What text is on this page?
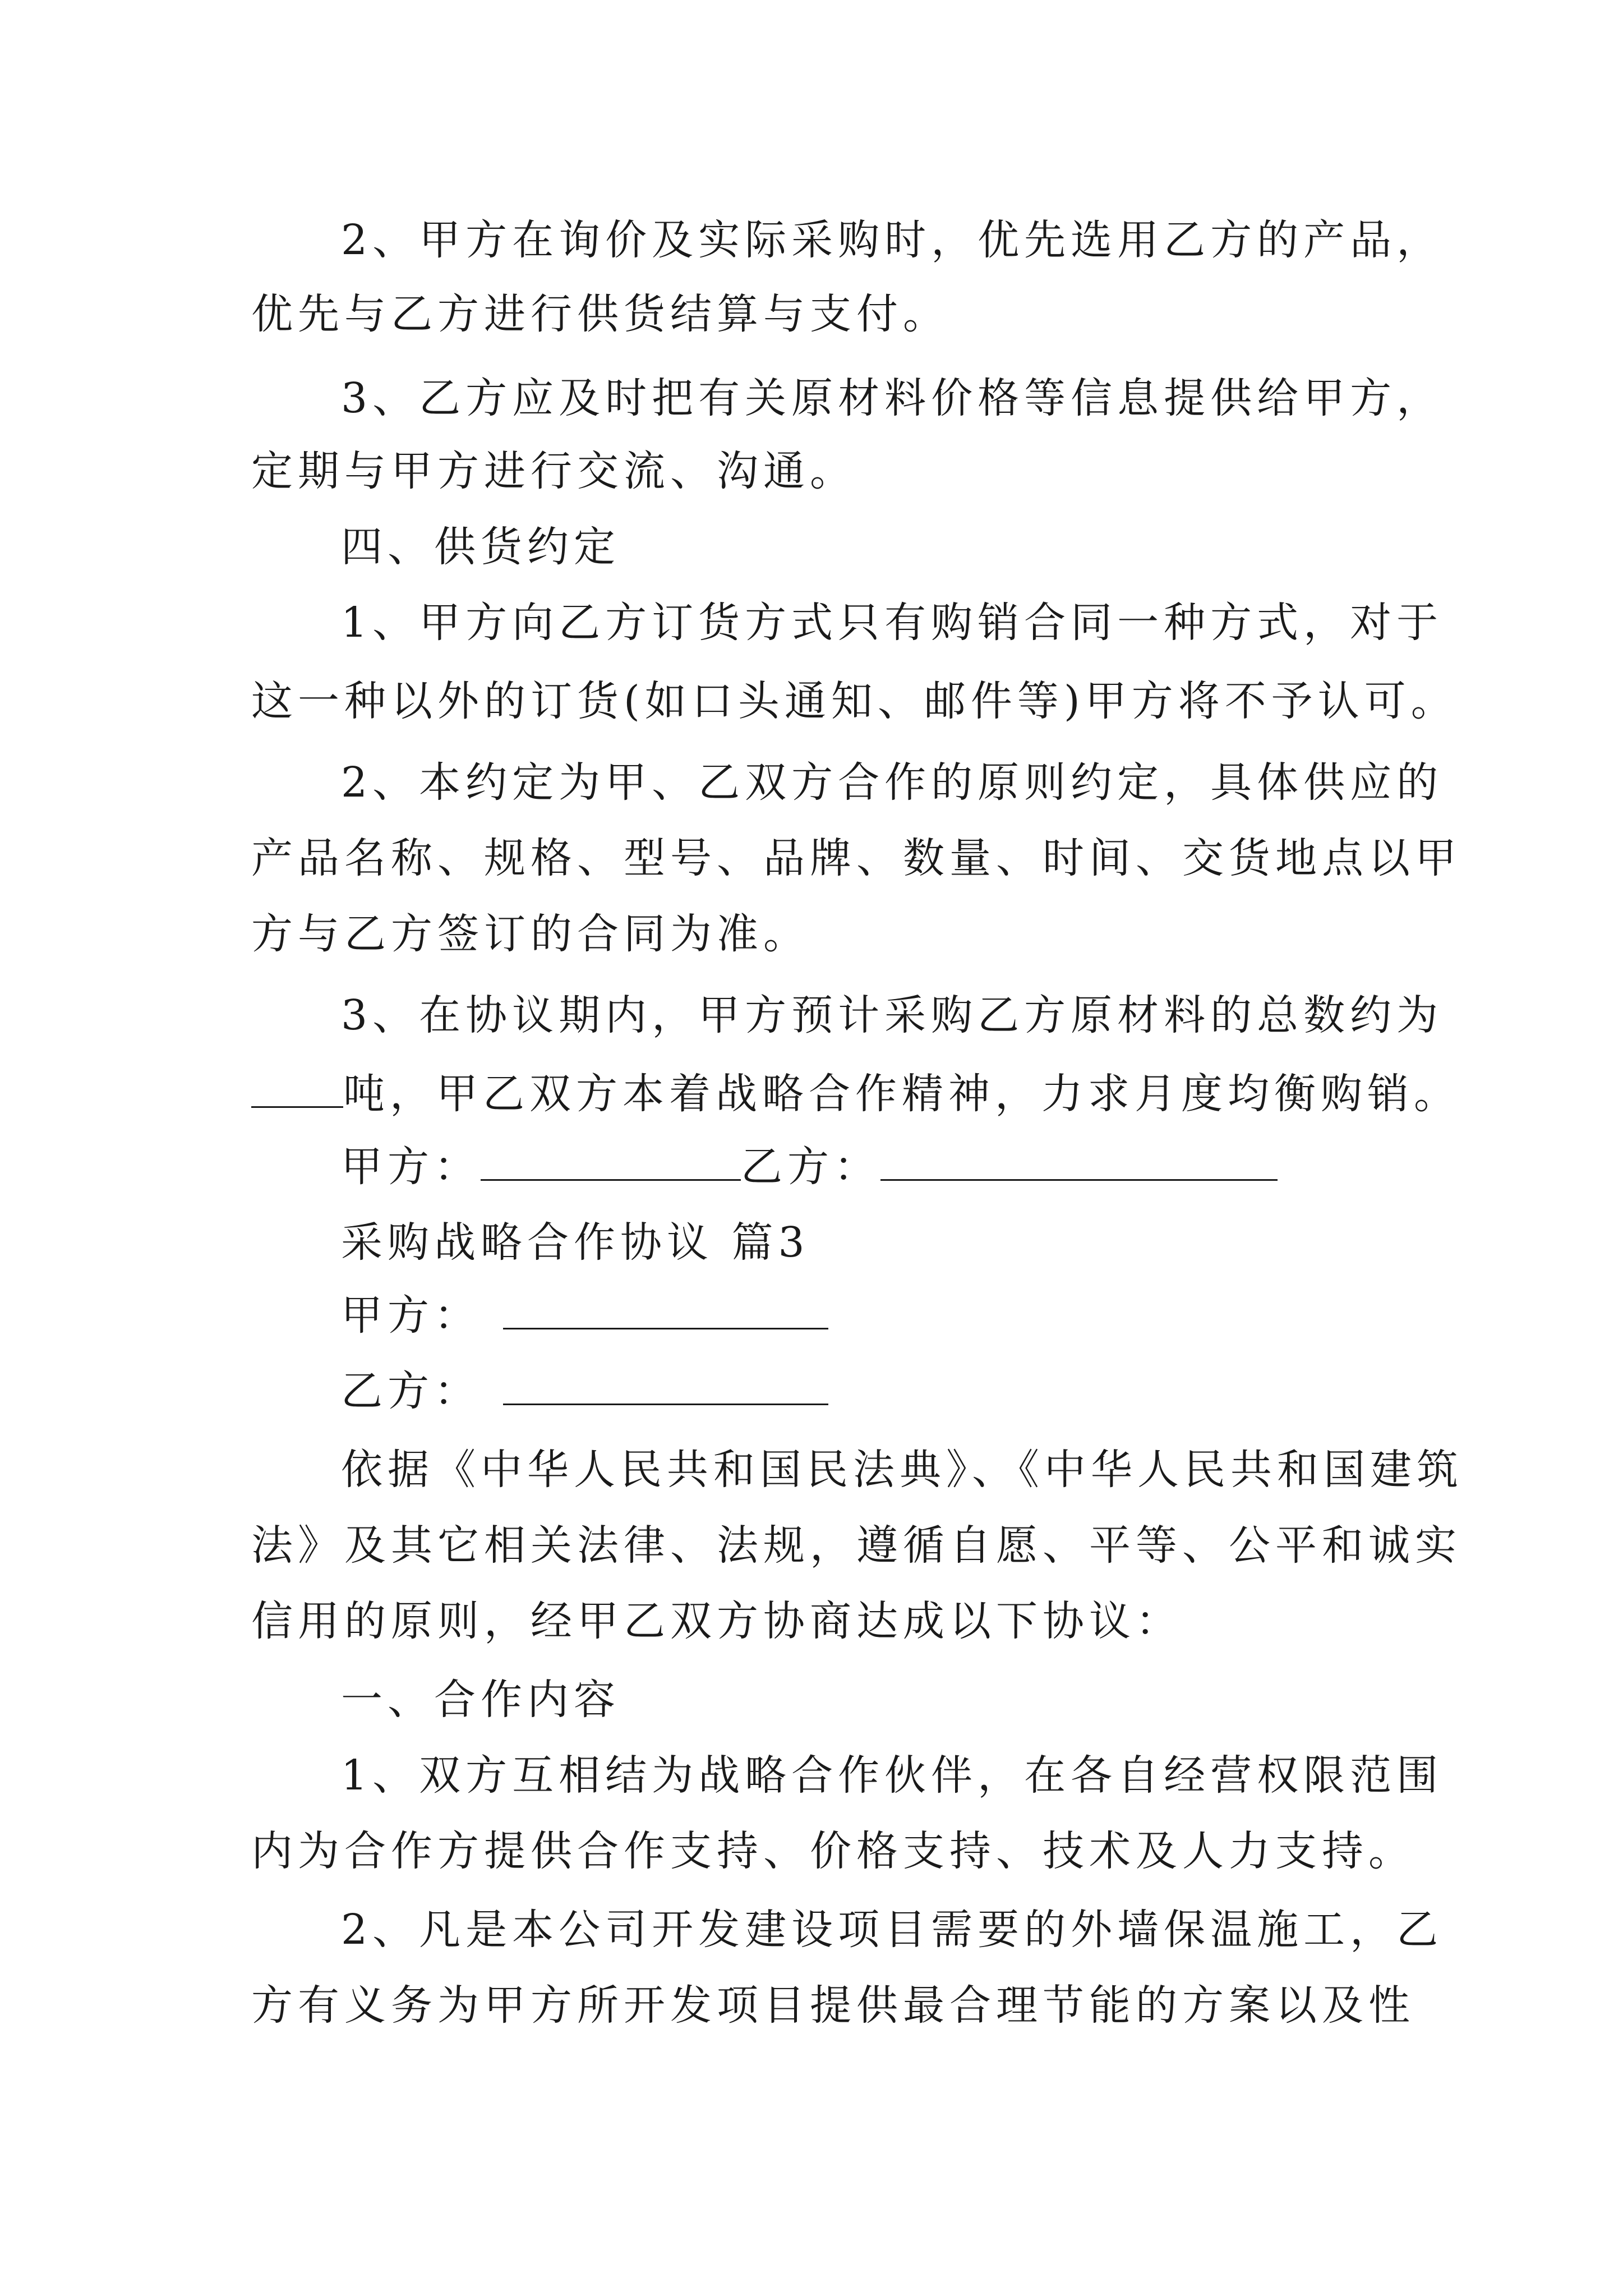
2、甲方在询价及实际采购时，优先选用乙方的产品，
优先与乙方进行供货结算与支付。
3、乙方应及时把有关原材料价格等信息提供给甲方，
定期与甲方进行交流、沟通。
四、供货约定
1、甲方向乙方订货方式只有购销合同一种方式，对于
这一种以外的订货(如口头通知、邮件等)甲方将不予认可。
2、本约定为甲、乙双方合作的原则约定，具体供应的
产品名称、规格、型号、品牌、数量、时间、交货地点以甲
方与乙方签订的合同为准。
3、在协议期内，甲方预计采购乙方原材料的总数约为
吨，甲乙双方本着战略合作精神，力求月度均衡购销。
甲方：	乙方：
采购战略合作协议 篇3
甲方：
乙方：
依据《中华人民共和国民法典》、《中华人民共和国建筑
法》及其它相关法律、法规，遵循自愿、平等、公平和诚实
信用的原则，经甲乙双方协商达成以下协议：
一、合作内容
1、双方互相结为战略合作伙伴，在各自经营权限范围
内为合作方提供合作支持、价格支持、技术及人力支持。
2、凡是本公司开发建设项目需要的外墙保温施工，乙
方有义务为甲方所开发项目提供最合理节能的方案以及性
